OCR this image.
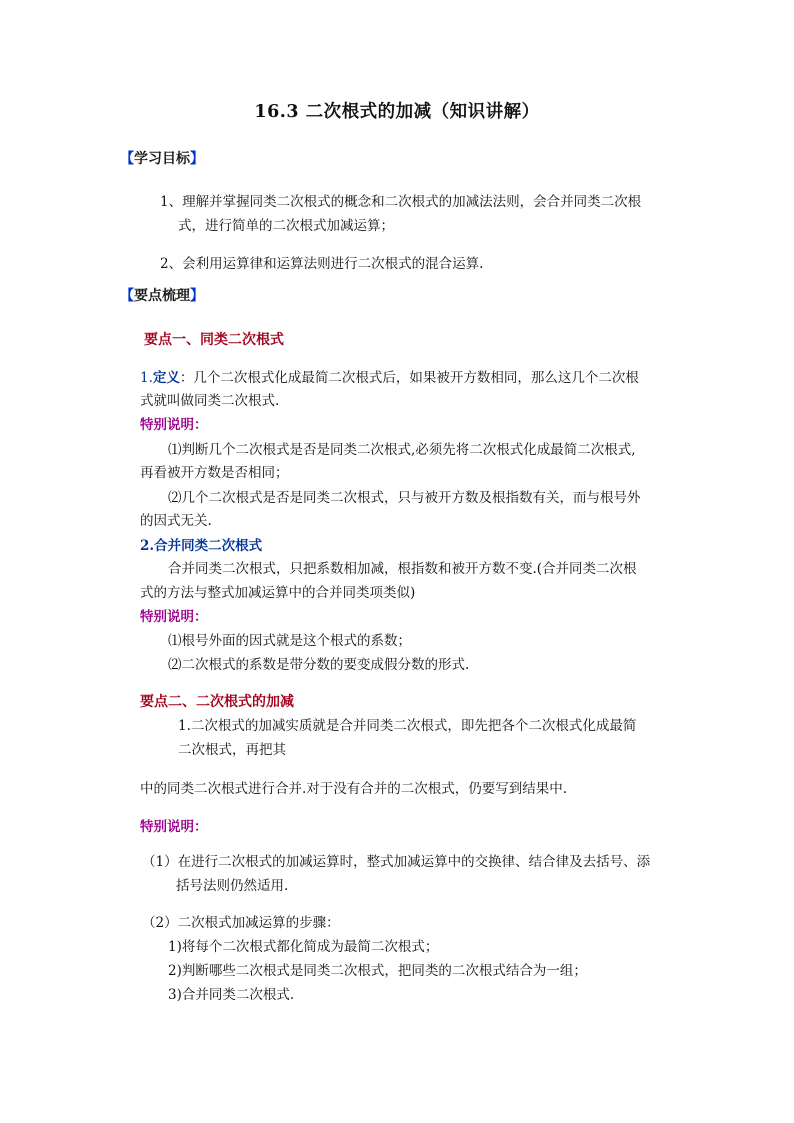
16.3 二次根式的加减（知识讲解）
【学习目标】
1、理解并掌握同类二次根式的概念和二次根式的加减法法则，会合并同类二次根
式，进行简单的二次根式加减运算；
2、会利用运算律和运算法则进行二次根式的混合运算.
【要点梳理】
要点一、同类二次根式
1.定义：几个二次根式化成最简二次根式后，如果被开方数相同，那么这几个二次根
式就叫做同类二次根式.
特别说明：
⑴判断几个二次根式是否是同类二次根式,必须先将二次根式化成最简二次根式,
再看被开方数是否相同；
⑵几个二次根式是否是同类二次根式，只与被开方数及根指数有关，而与根号外
的因式无关.
2.合并同类二次根式
合并同类二次根式，只把系数相加减，根指数和被开方数不变.(合并同类二次根
式的方法与整式加减运算中的合并同类项类似)
特别说明：
⑴根号外面的因式就是这个根式的系数；
⑵二次根式的系数是带分数的要变成假分数的形式.
要点二、二次根式的加减
1.二次根式的加减实质就是合并同类二次根式，即先把各个二次根式化成最简
二次根式，再把其
中的同类二次根式进行合并.对于没有合并的二次根式，仍要写到结果中.
特别说明：
（1）在进行二次根式的加减运算时，整式加减运算中的交换律、结合律及去括号、添
括号法则仍然适用.
（2）二次根式加减运算的步骤：
1)将每个二次根式都化简成为最简二次根式；
2)判断哪些二次根式是同类二次根式，把同类的二次根式结合为一组；
3)合并同类二次根式.
